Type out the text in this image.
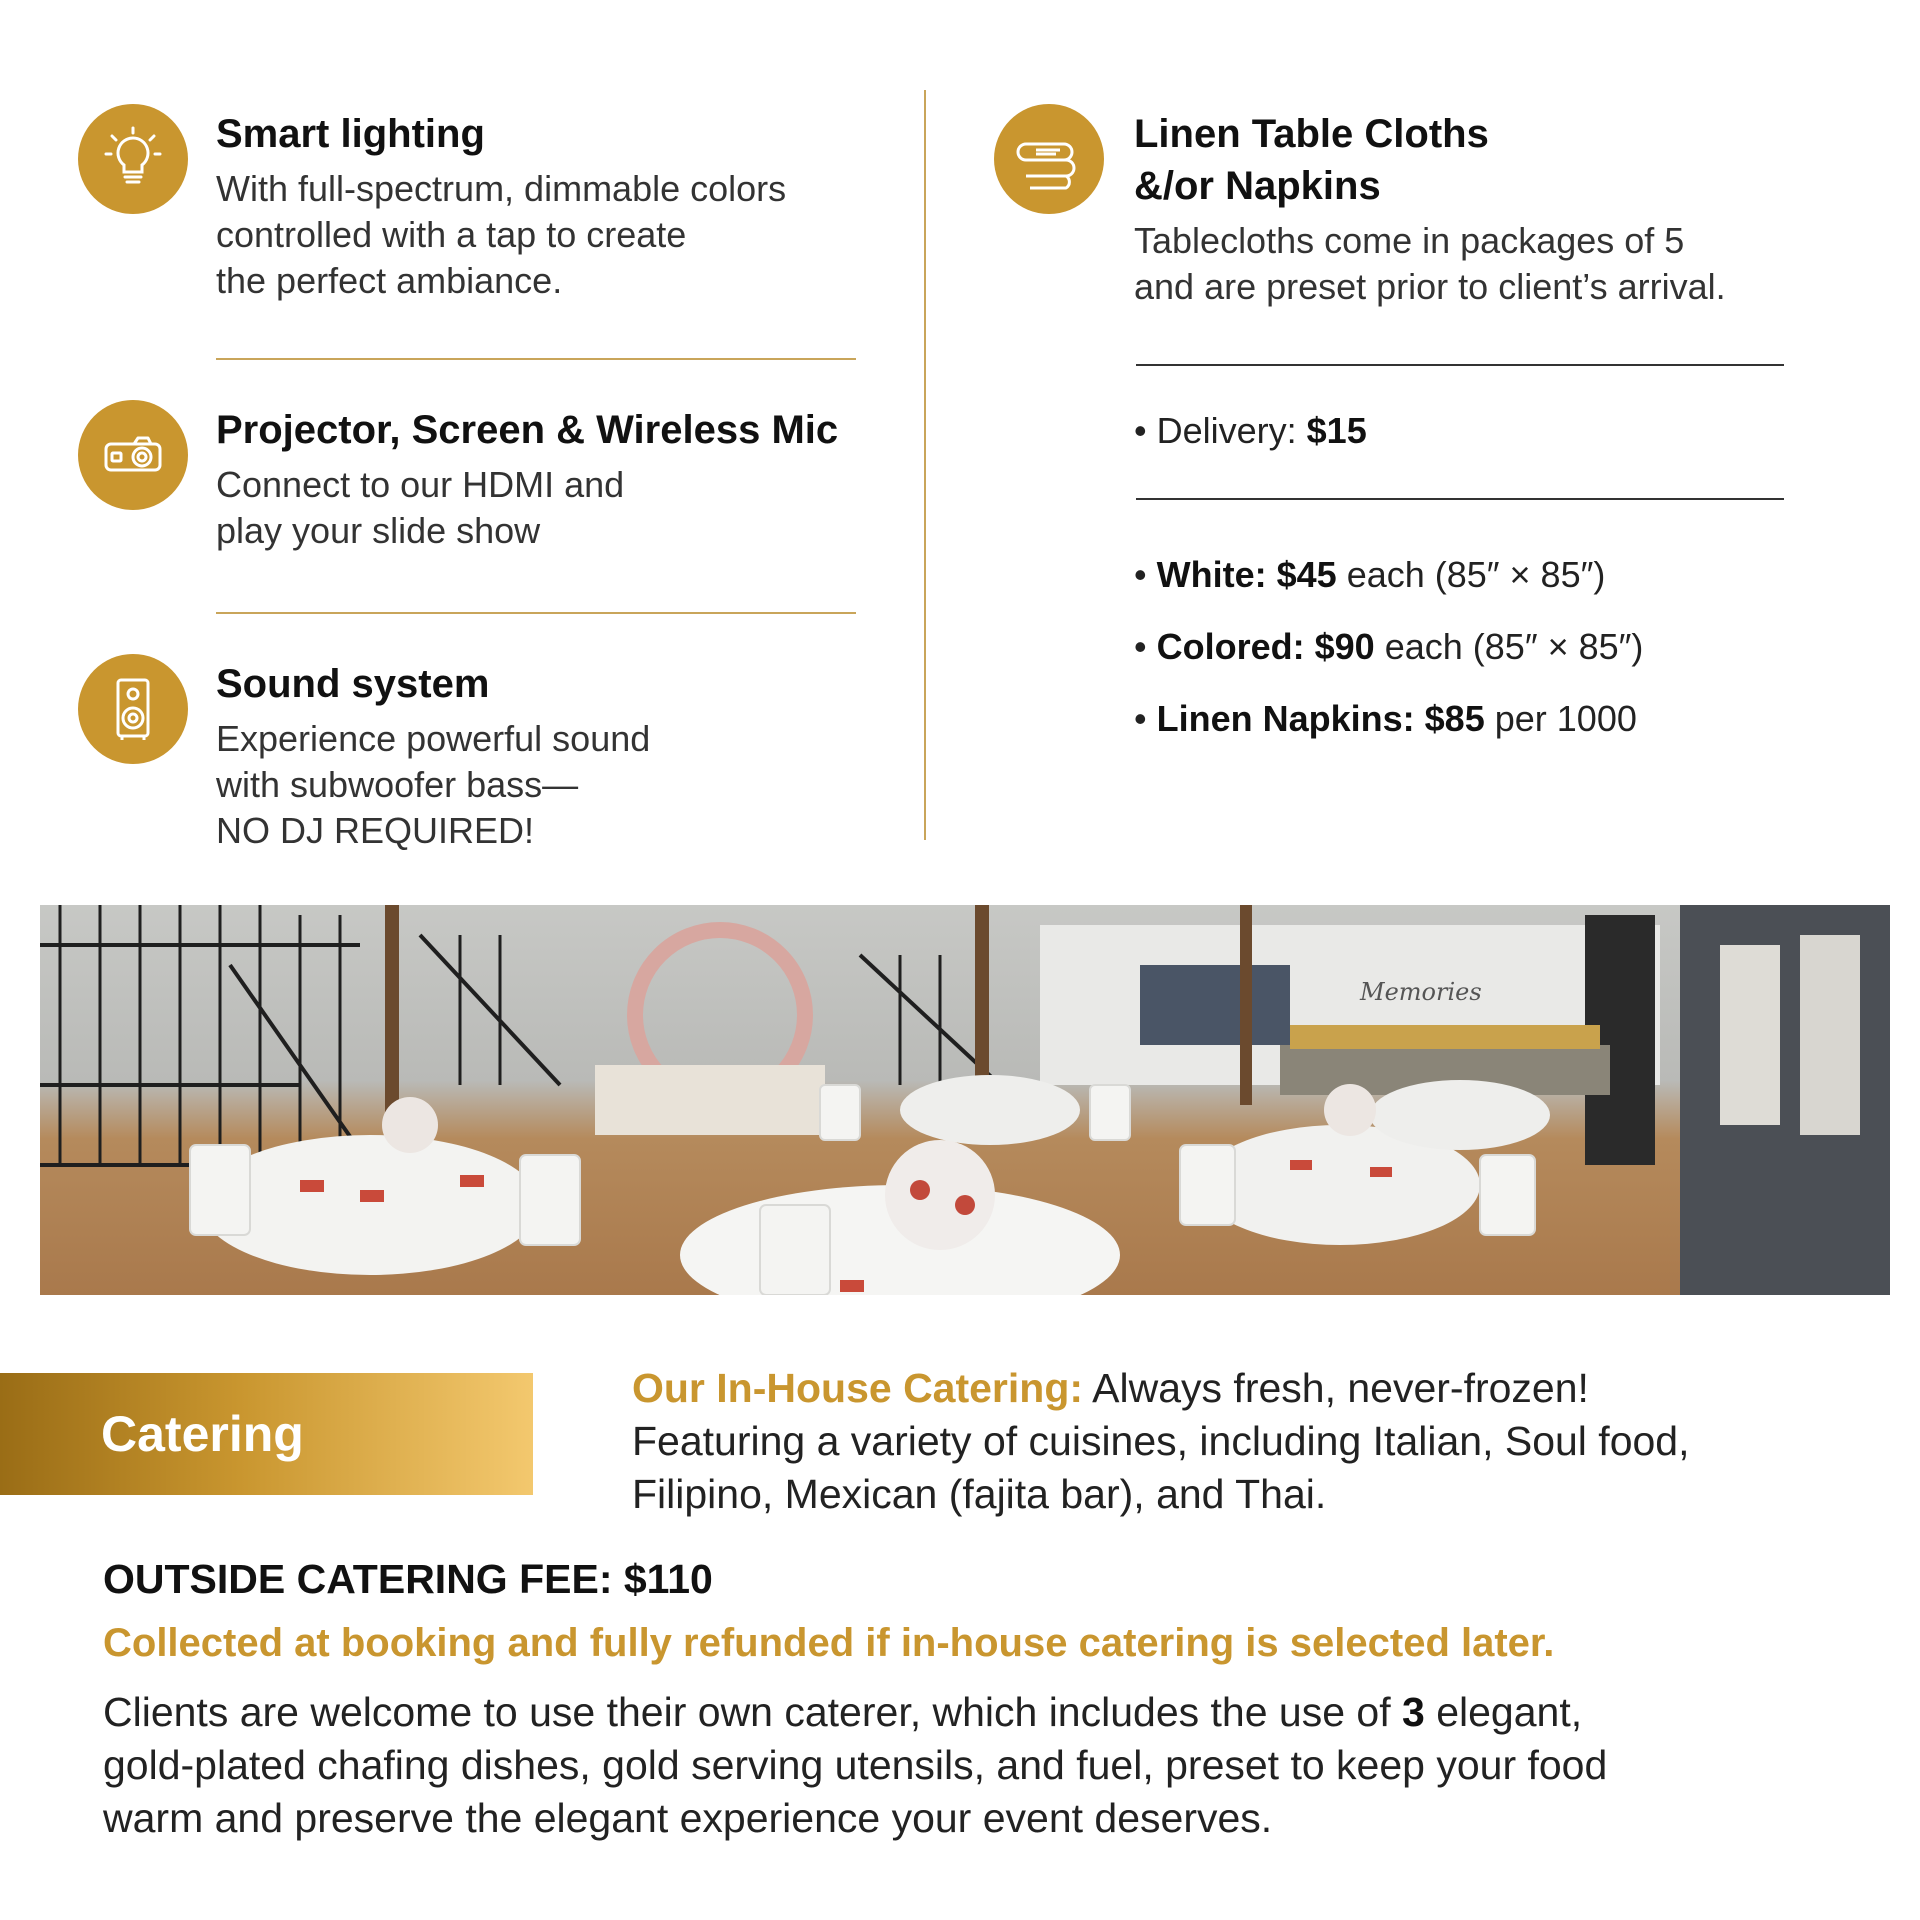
Smart lighting
With full-spectrum, dimmable colors
controlled with a tap to create
the perfect ambiance.
Projector, Screen & Wireless Mic
Connect to our HDMI and
play your slide show
Sound system
Experience powerful sound
with subwoofer bass—
NO DJ REQUIRED!
Linen Table Cloths
&/or Napkins
Tablecloths come in packages of 5
and are preset prior to client’s arrival.
• Delivery: $15
• White: $45 each (85″ × 85″)
• Colored: $90 each (85″ × 85″)
• Linen Napkins: $85 per 1000
Memories
Catering
Our In-House Catering: Always fresh, never-frozen!
Featuring a variety of cuisines, including Italian, Soul food,
Filipino, Mexican (fajita bar), and Thai.
OUTSIDE CATERING FEE: $110
Collected at booking and fully refunded if in-house catering is selected later.
Clients are welcome to use their own caterer, which includes the use of 3 elegant,
gold-plated chafing dishes, gold serving utensils, and fuel, preset to keep your food
warm and preserve the elegant experience your event deserves.
